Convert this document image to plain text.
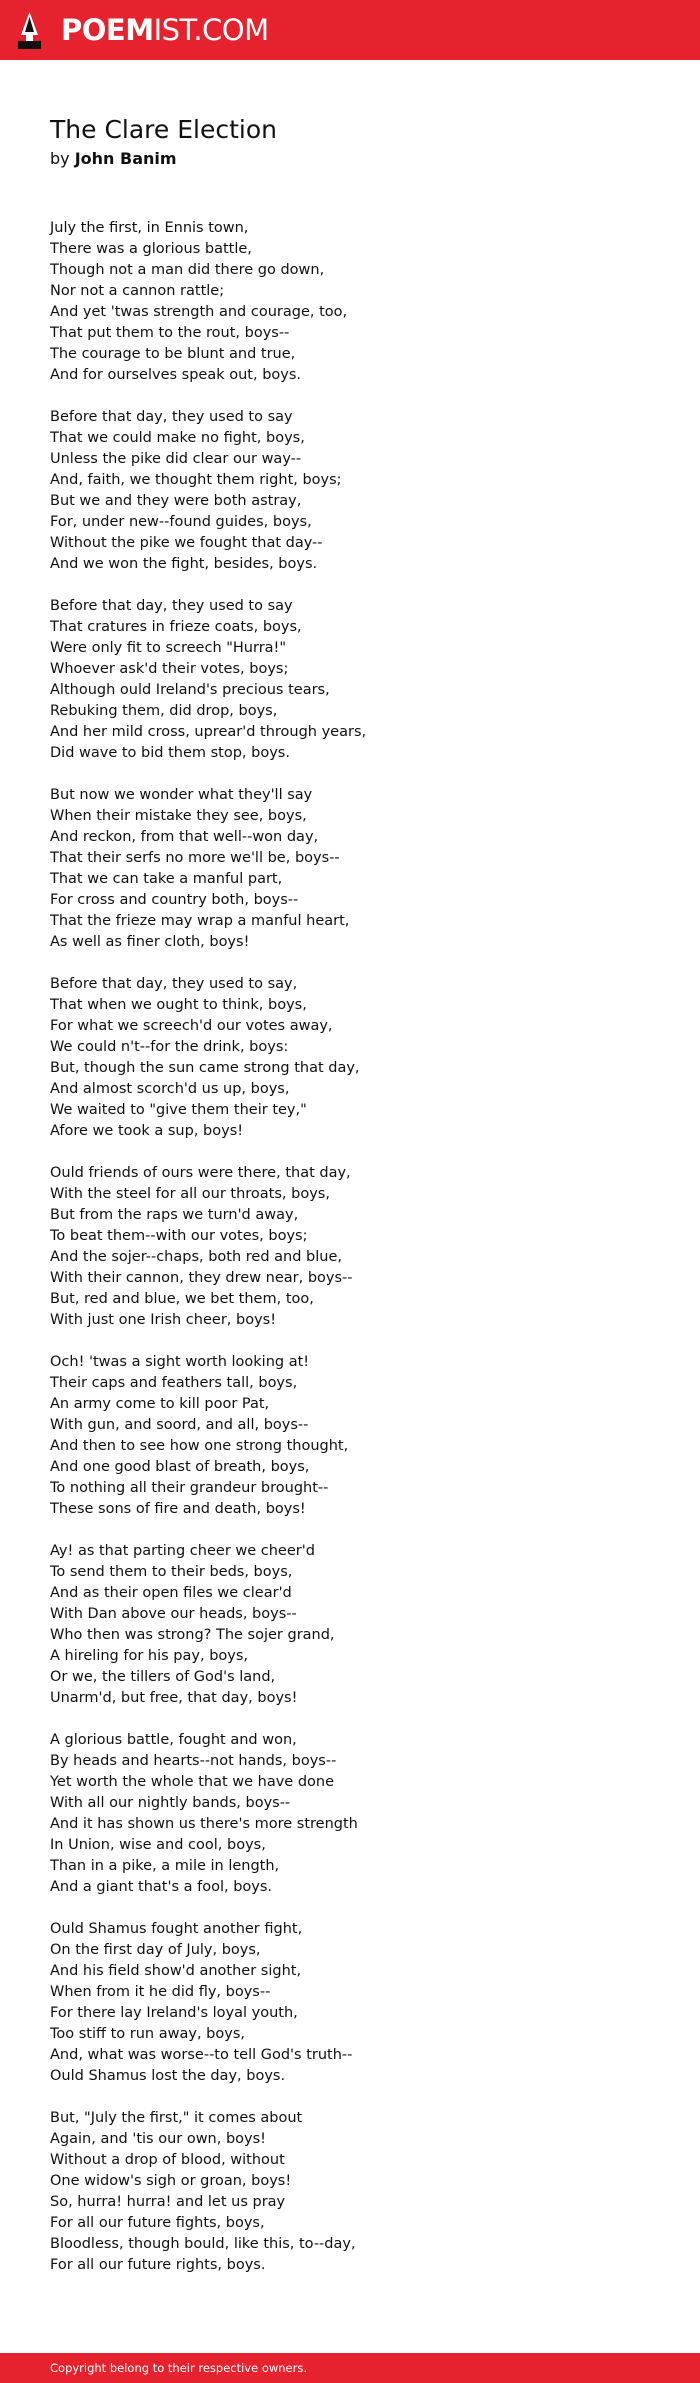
POEMIST.COM
The Clare Election
by John Banim

July the first, in Ennis town,
There was a glorious battle,
Though not a man did there go down,
Nor not a cannon rattle;
And yet 'twas strength and courage, too,
That put them to the rout, boys--
The courage to be blunt and true,
And for ourselves speak out, boys.

Before that day, they used to say
That we could make no fight, boys,
Unless the pike did clear our way--
And, faith, we thought them right, boys;
But we and they were both astray,
For, under new--found guides, boys,
Without the pike we fought that day--
And we won the fight, besides, boys.

Before that day, they used to say
That cratures in frieze coats, boys,
Were only fit to screech "Hurra!"
Whoever ask'd their votes, boys;
Although ould Ireland's precious tears,
Rebuking them, did drop, boys,
And her mild cross, uprear'd through years,
Did wave to bid them stop, boys.

But now we wonder what they'll say
When their mistake they see, boys,
And reckon, from that well--won day,
That their serfs no more we'll be, boys--
That we can take a manful part,
For cross and country both, boys--
That the frieze may wrap a manful heart,
As well as finer cloth, boys!

Before that day, they used to say,
That when we ought to think, boys,
For what we screech'd our votes away,
We could n't--for the drink, boys:
But, though the sun came strong that day,
And almost scorch'd us up, boys,
We waited to "give them their tey,"
Afore we took a sup, boys!

Ould friends of ours were there, that day,
With the steel for all our throats, boys,
But from the raps we turn'd away,
To beat them--with our votes, boys;
And the sojer--chaps, both red and blue,
With their cannon, they drew near, boys--
But, red and blue, we bet them, too,
With just one Irish cheer, boys!

Och! 'twas a sight worth looking at!
Their caps and feathers tall, boys,
An army come to kill poor Pat,
With gun, and soord, and all, boys--
And then to see how one strong thought,
And one good blast of breath, boys,
To nothing all their grandeur brought--
These sons of fire and death, boys!

Ay! as that parting cheer we cheer'd
To send them to their beds, boys,
And as their open files we clear'd
With Dan above our heads, boys--
Who then was strong? The sojer grand,
A hireling for his pay, boys,
Or we, the tillers of God's land,
Unarm'd, but free, that day, boys!

A glorious battle, fought and won,
By heads and hearts--not hands, boys--
Yet worth the whole that we have done
With all our nightly bands, boys--
And it has shown us there's more strength
In Union, wise and cool, boys,
Than in a pike, a mile in length,
And a giant that's a fool, boys.

Ould Shamus fought another fight,
On the first day of July, boys,
And his field show'd another sight,
When from it he did fly, boys--
For there lay Ireland's loyal youth,
Too stiff to run away, boys,
And, what was worse--to tell God's truth--
Ould Shamus lost the day, boys.

But, "July the first," it comes about
Again, and 'tis our own, boys!
Without a drop of blood, without
One widow's sigh or groan, boys!
So, hurra! hurra! and let us pray
For all our future fights, boys,
Bloodless, though bould, like this, to--day,
For all our future rights, boys.

Copyright belong to their respective owners.
